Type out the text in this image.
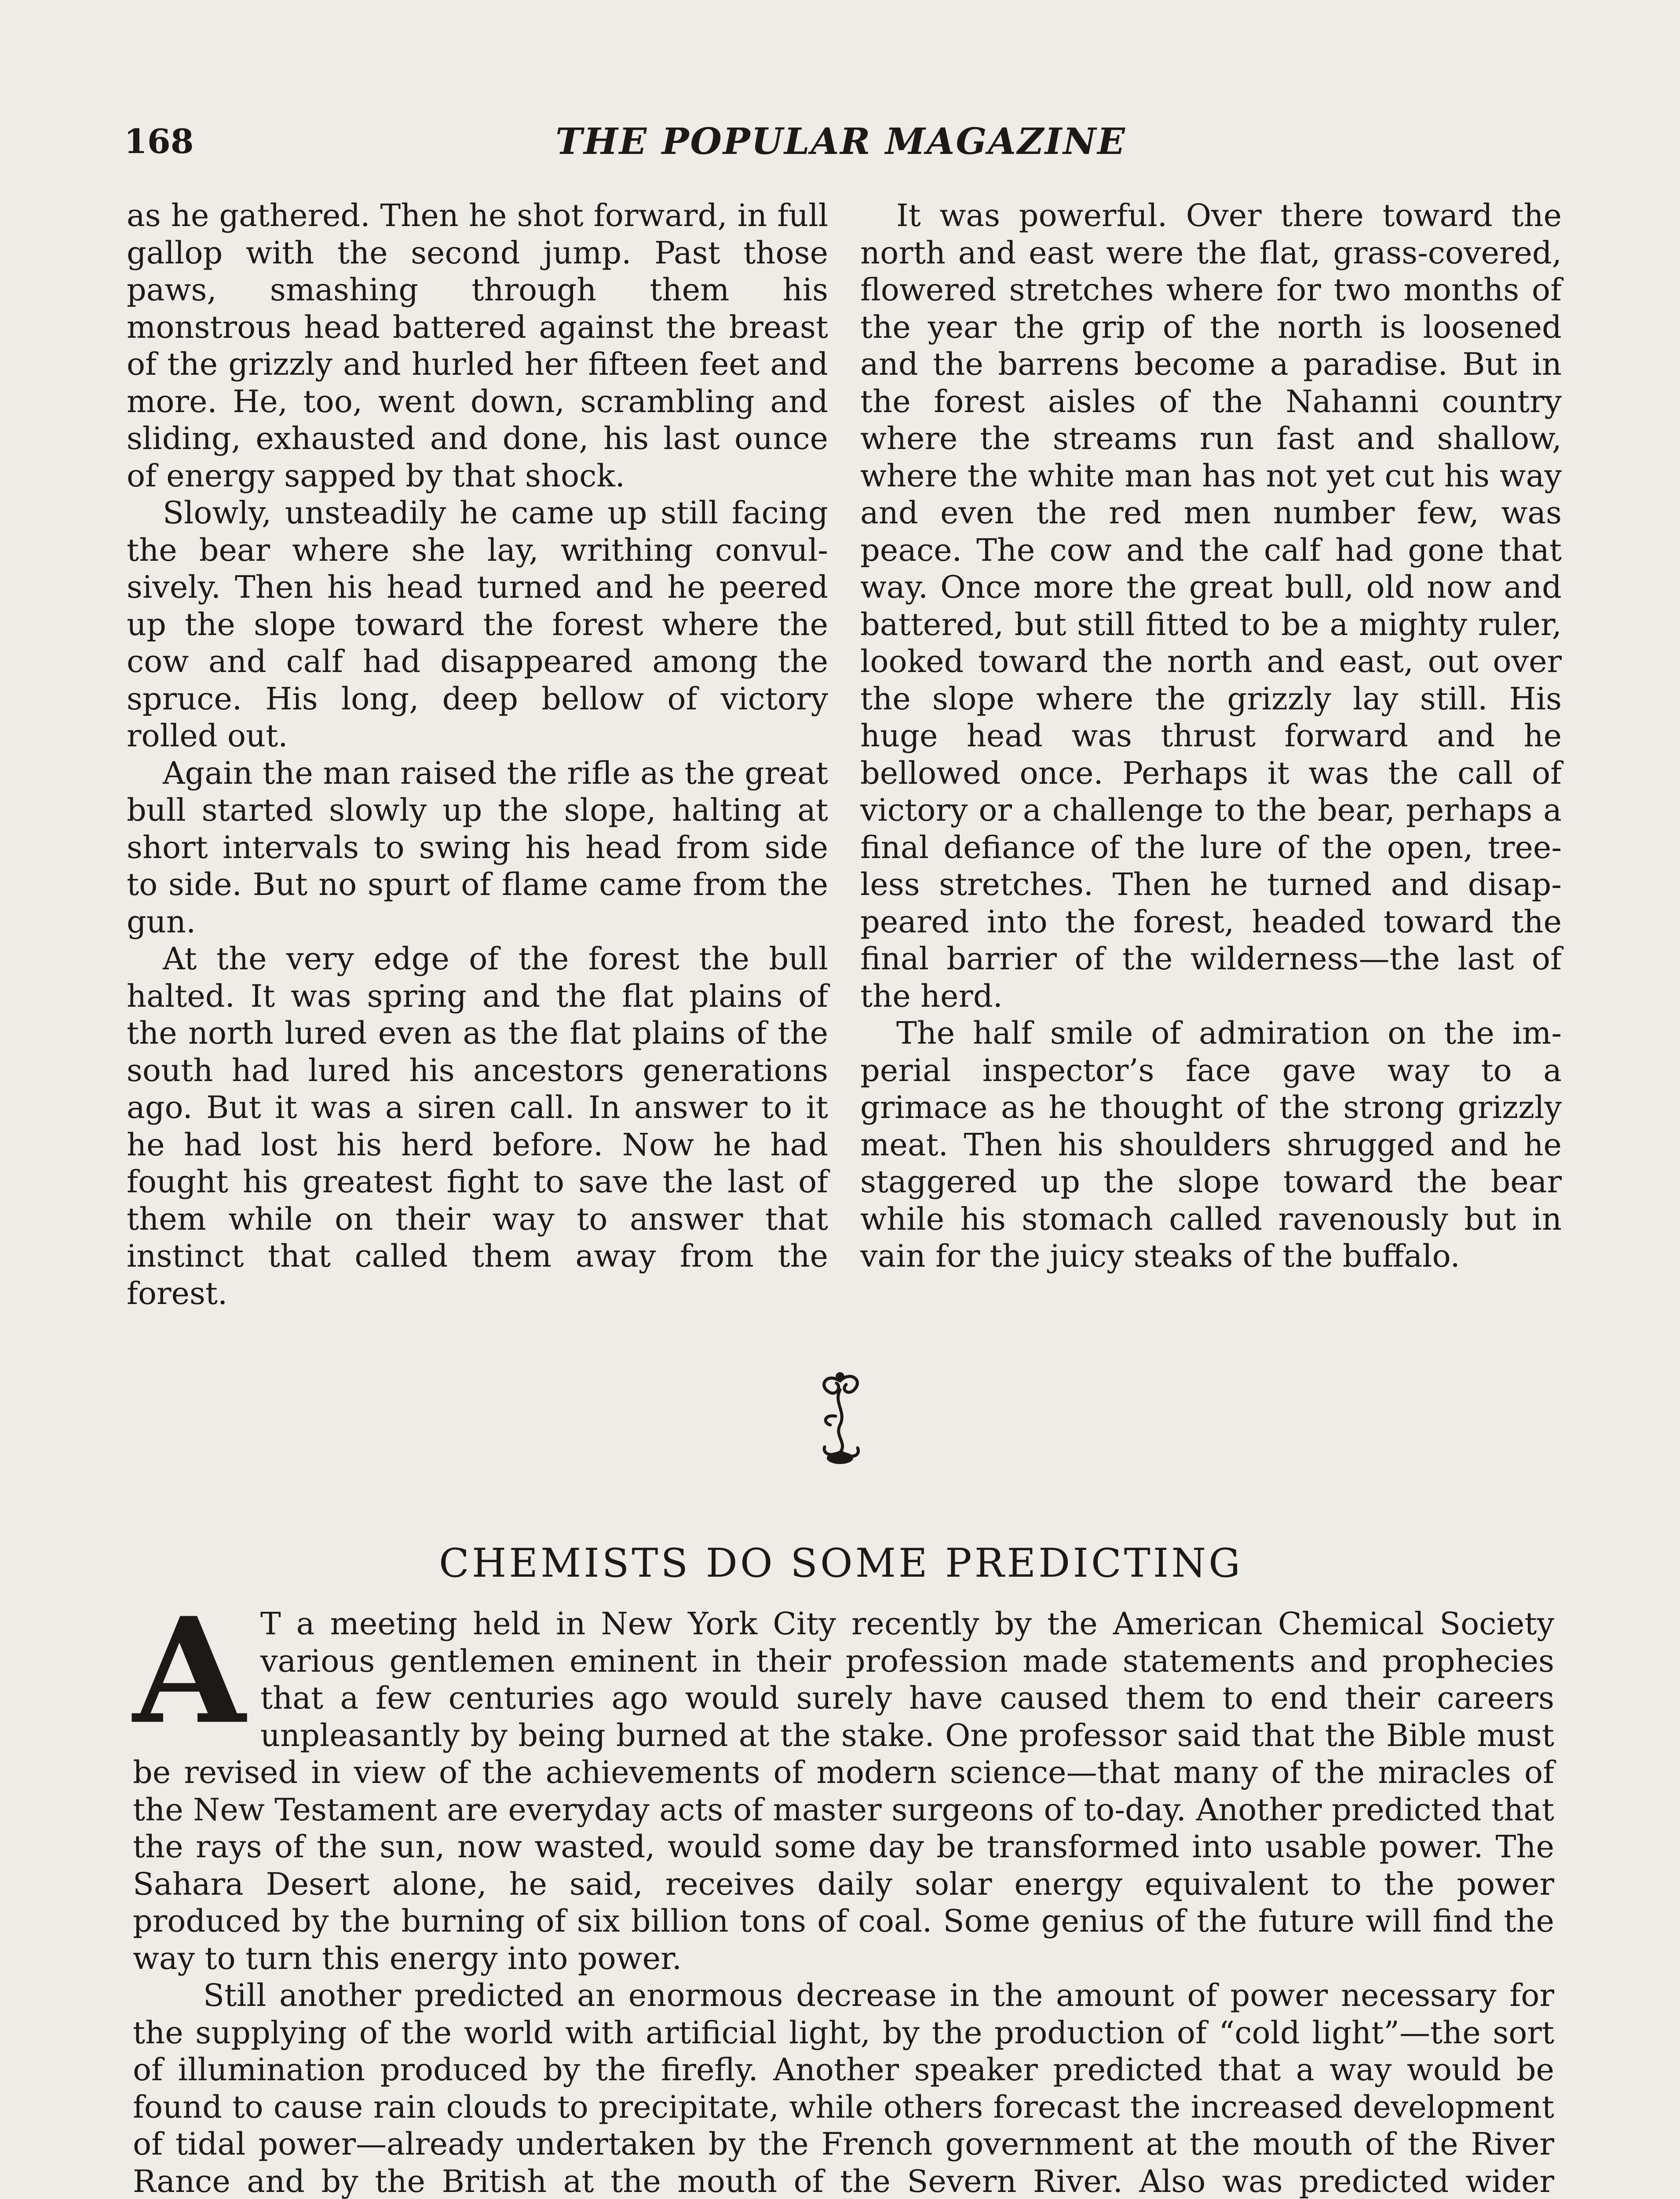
168	THE POPULAR MAGAZINE

as he gathered. Then he shot forward, in full gallop with the second jump. Past those paws, smashing through them his monstrous head battered against the breast of the grizzly and hurled her fifteen feet and more. He, too, went down, scrambling and sliding, exhausted and done, his last ounce of energy sapped by that shock.

Slowly, unsteadily he came up still facing the bear where she lay, writhing convulsively. Then his head turned and he peered up the slope toward the forest where the cow and calf had disappeared among the spruce. His long, deep bellow of victory rolled out.

Again the man raised the rifle as the great bull started slowly up the slope, halting at short intervals to swing his head from side to side. But no spurt of flame came from the gun.

At the very edge of the forest the bull halted. It was spring and the flat plains of the north lured even as the flat plains of the south had lured his ancestors generations ago. But it was a siren call. In answer to it he had lost his herd before. Now he had fought his greatest fight to save the last of them while on their way to answer that instinct that called them away from the forest.

It was powerful. Over there toward the north and east were the flat, grass-covered, flowered stretches where for two months of the year the grip of the north is loosened and the barrens become a paradise. But in the forest aisles of the Nahanni country where the streams run fast and shallow, where the white man has not yet cut his way and even the red men number few, was peace. The cow and the calf had gone that way. Once more the great bull, old now and battered, but still fitted to be a mighty ruler, looked toward the north and east, out over the slope where the grizzly lay still. His huge head was thrust forward and he bellowed once. Perhaps it was the call of victory or a challenge to the bear, perhaps a final defiance of the lure of the open, treeless stretches. Then he turned and disappeared into the forest, headed toward the final barrier of the wilderness—the last of the herd.

The half smile of admiration on the imperial inspector’s face gave way to a grimace as he thought of the strong grizzly meat. Then his shoulders shrugged and he staggered up the slope toward the bear while his stomach called ravenously but in vain for the juicy steaks of the buffalo.

CHEMISTS DO SOME PREDICTING

A T a meeting held in New York City recently by the American Chemical Society various gentlemen eminent in their profession made statements and prophecies that a few centuries ago would surely have caused them to end their careers unpleasantly by being burned at the stake. One professor said that the Bible must be revised in view of the achievements of modern science—that many of the miracles of the New Testament are everyday acts of master surgeons of to-day. Another predicted that the rays of the sun, now wasted, would some day be transformed into usable power. The Sahara Desert alone, he said, receives daily solar energy equivalent to the power produced by the burning of six billion tons of coal. Some genius of the future will find the way to turn this energy into power.

Still another predicted an enormous decrease in the amount of power necessary for the supplying of the world with artificial light, by the production of “cold light”—the sort of illumination produced by the firefly. Another speaker predicted that a way would be found to cause rain clouds to precipitate, while others forecast the increased development of tidal power—already undertaken by the French government at the mouth of the River Rance and by the British at the mouth of the Severn River. Also was predicted wider
